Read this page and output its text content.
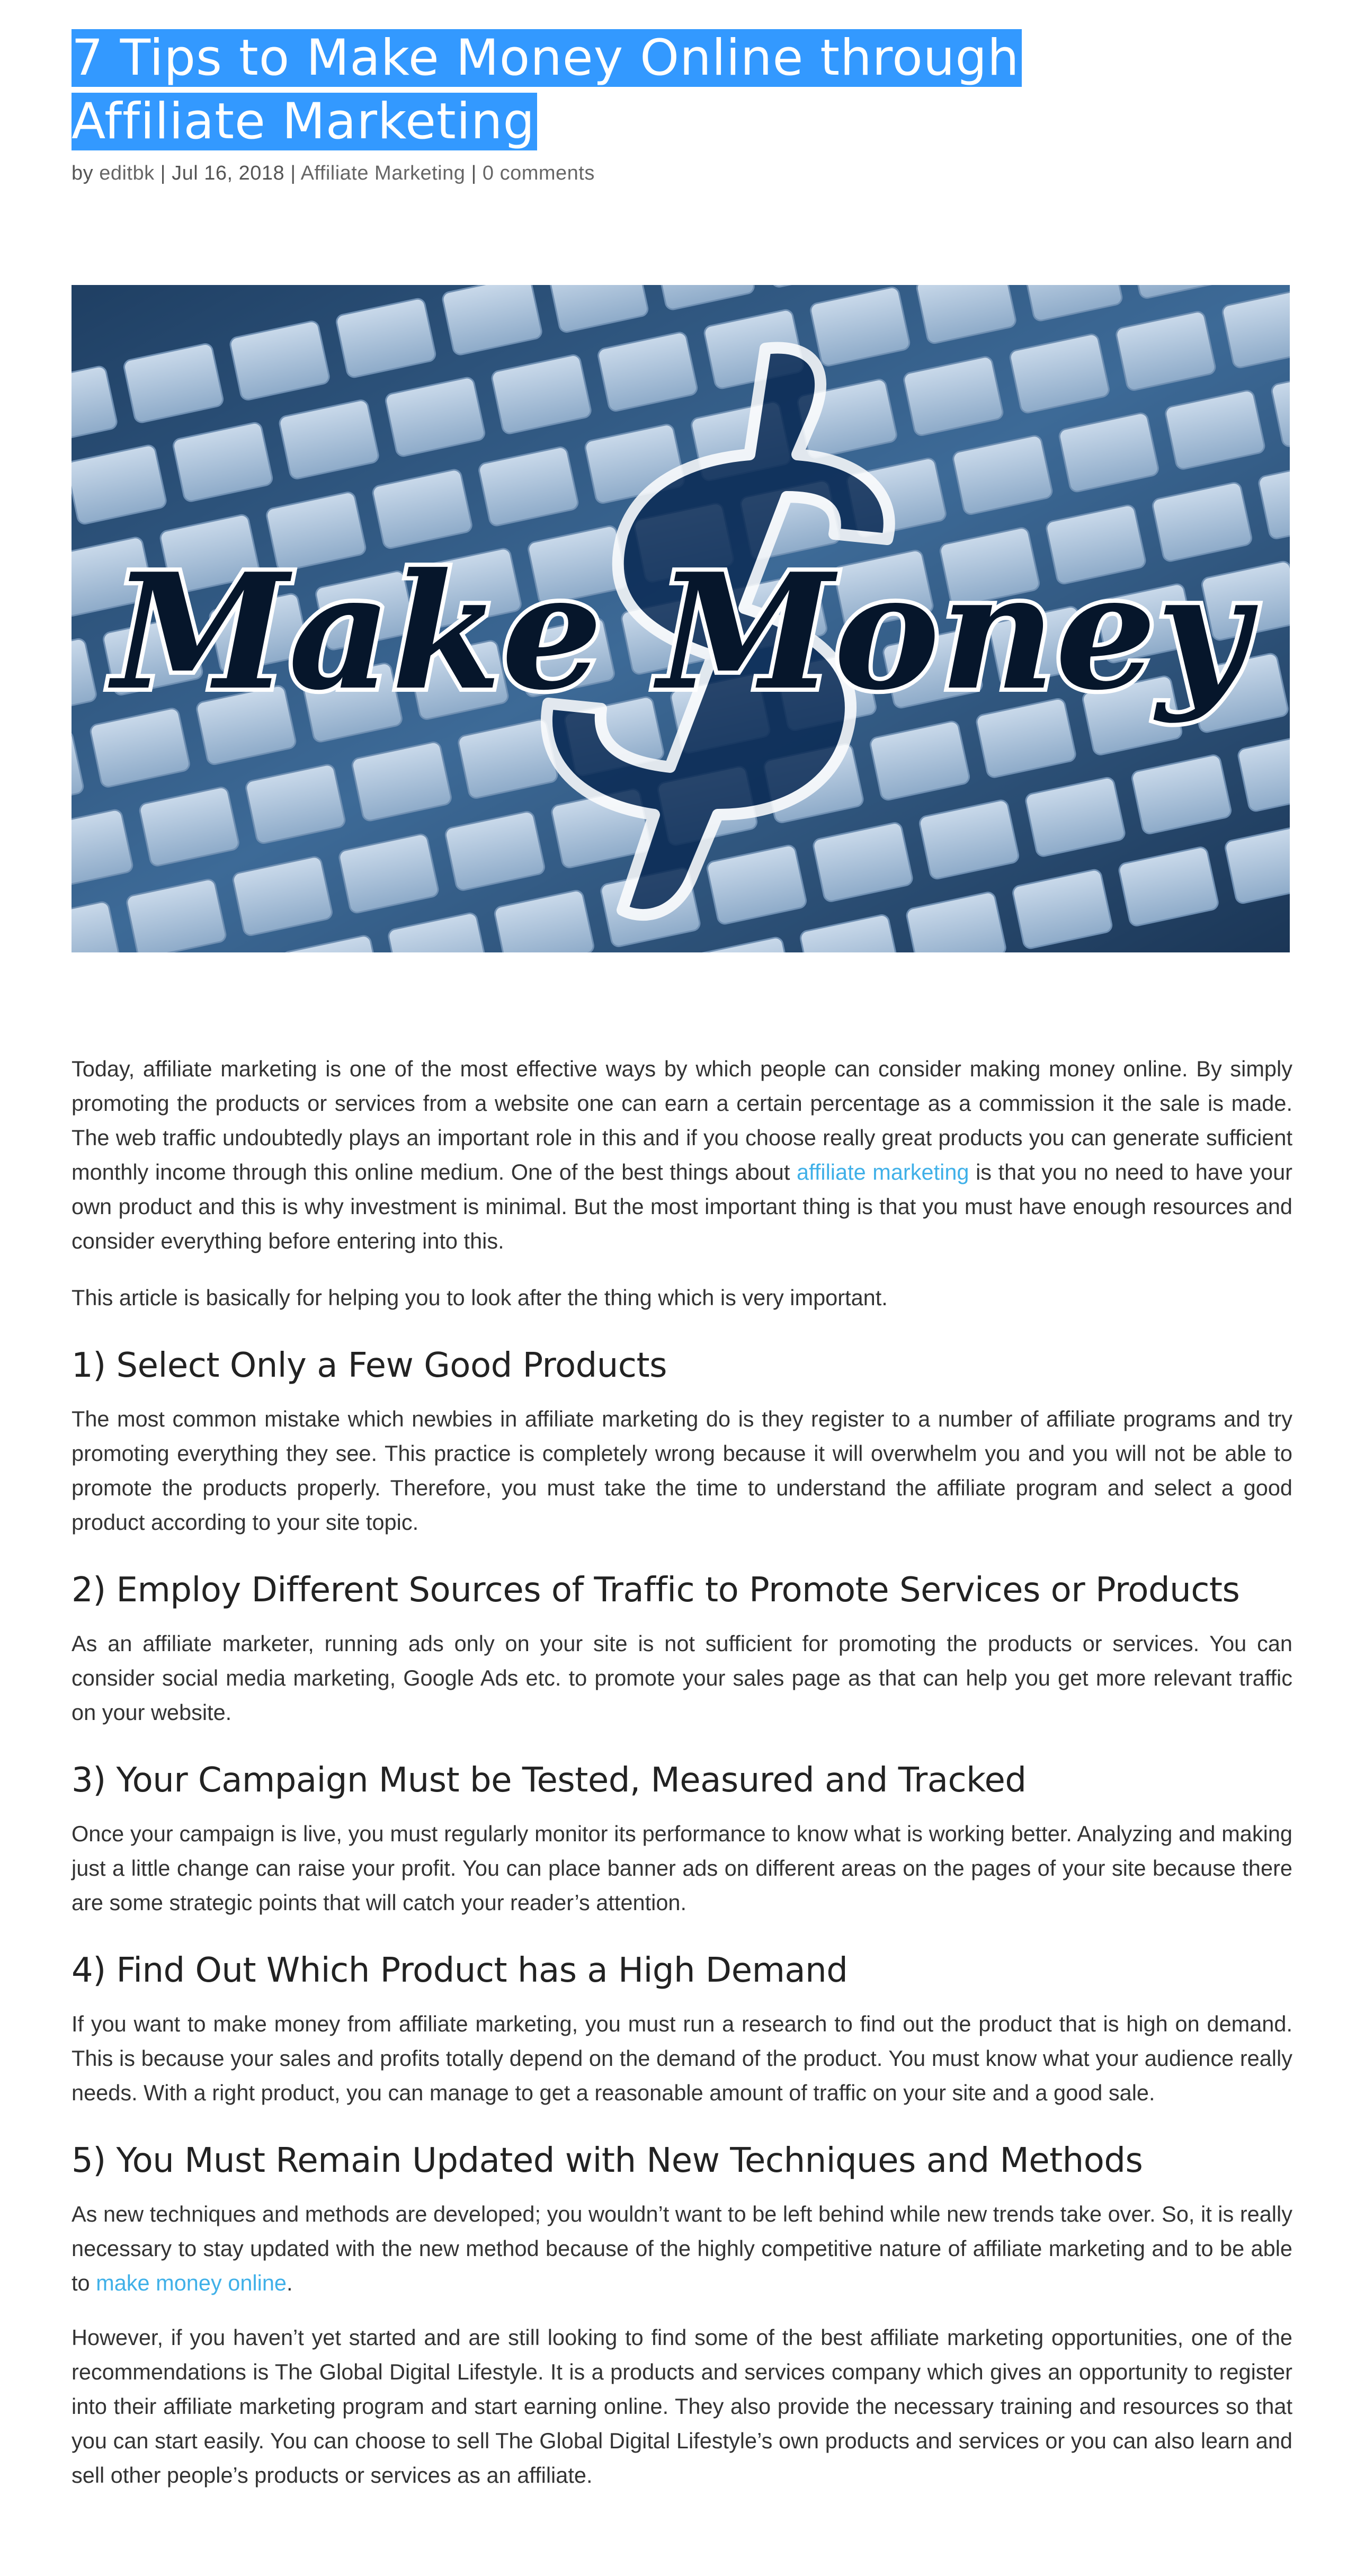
7 Tips to Make Money Online through Affiliate Marketing
by editbk | Jul 16, 2018 | Affiliate Marketing | 0 comments
Make Money

Today, affiliate marketing is one of the most effective ways by which people can consider making money online. By simply promoting the products or services from a website one can earn a certain percentage as a commission it the sale is made. The web traffic undoubtedly plays an important role in this and if you choose really great products you can generate sufficient monthly income through this online medium. One of the best things about affiliate marketing is that you no need to have your own product and this is why investment is minimal. But the most important thing is that you must have enough resources and consider everything before entering into this.

This article is basically for helping you to look after the thing which is very important.

1) Select Only a Few Good Products

The most common mistake which newbies in affiliate marketing do is they register to a number of affiliate programs and try promoting everything they see. This practice is completely wrong because it will overwhelm you and you will not be able to promote the products properly. Therefore, you must take the time to understand the affiliate program and select a good product according to your site topic.

2) Employ Different Sources of Traffic to Promote Services or Products

As an affiliate marketer, running ads only on your site is not sufficient for promoting the products or services. You can consider social media marketing, Google Ads etc. to promote your sales page as that can help you get more relevant traffic on your website.

3) Your Campaign Must be Tested, Measured and Tracked

Once your campaign is live, you must regularly monitor its performance to know what is working better. Analyzing and making just a little change can raise your profit. You can place banner ads on different areas on the pages of your site because there are some strategic points that will catch your reader’s attention.

4) Find Out Which Product has a High Demand

If you want to make money from affiliate marketing, you must run a research to find out the product that is high on demand. This is because your sales and profits totally depend on the demand of the product. You must know what your audience really needs. With a right product, you can manage to get a reasonable amount of traffic on your site and a good sale.

5) You Must Remain Updated with New Techniques and Methods

As new techniques and methods are developed; you wouldn’t want to be left behind while new trends take over. So, it is really necessary to stay updated with the new method because of the highly competitive nature of affiliate marketing and to be able to make money online.

However, if you haven’t yet started and are still looking to find some of the best affiliate marketing opportunities, one of the recommendations is The Global Digital Lifestyle. It is a products and services company which gives an opportunity to register into their affiliate marketing program and start earning online. They also provide the necessary training and resources so that you can start easily. You can choose to sell The Global Digital Lifestyle’s own products and services or you can also learn and sell other people’s products or services as an affiliate.
